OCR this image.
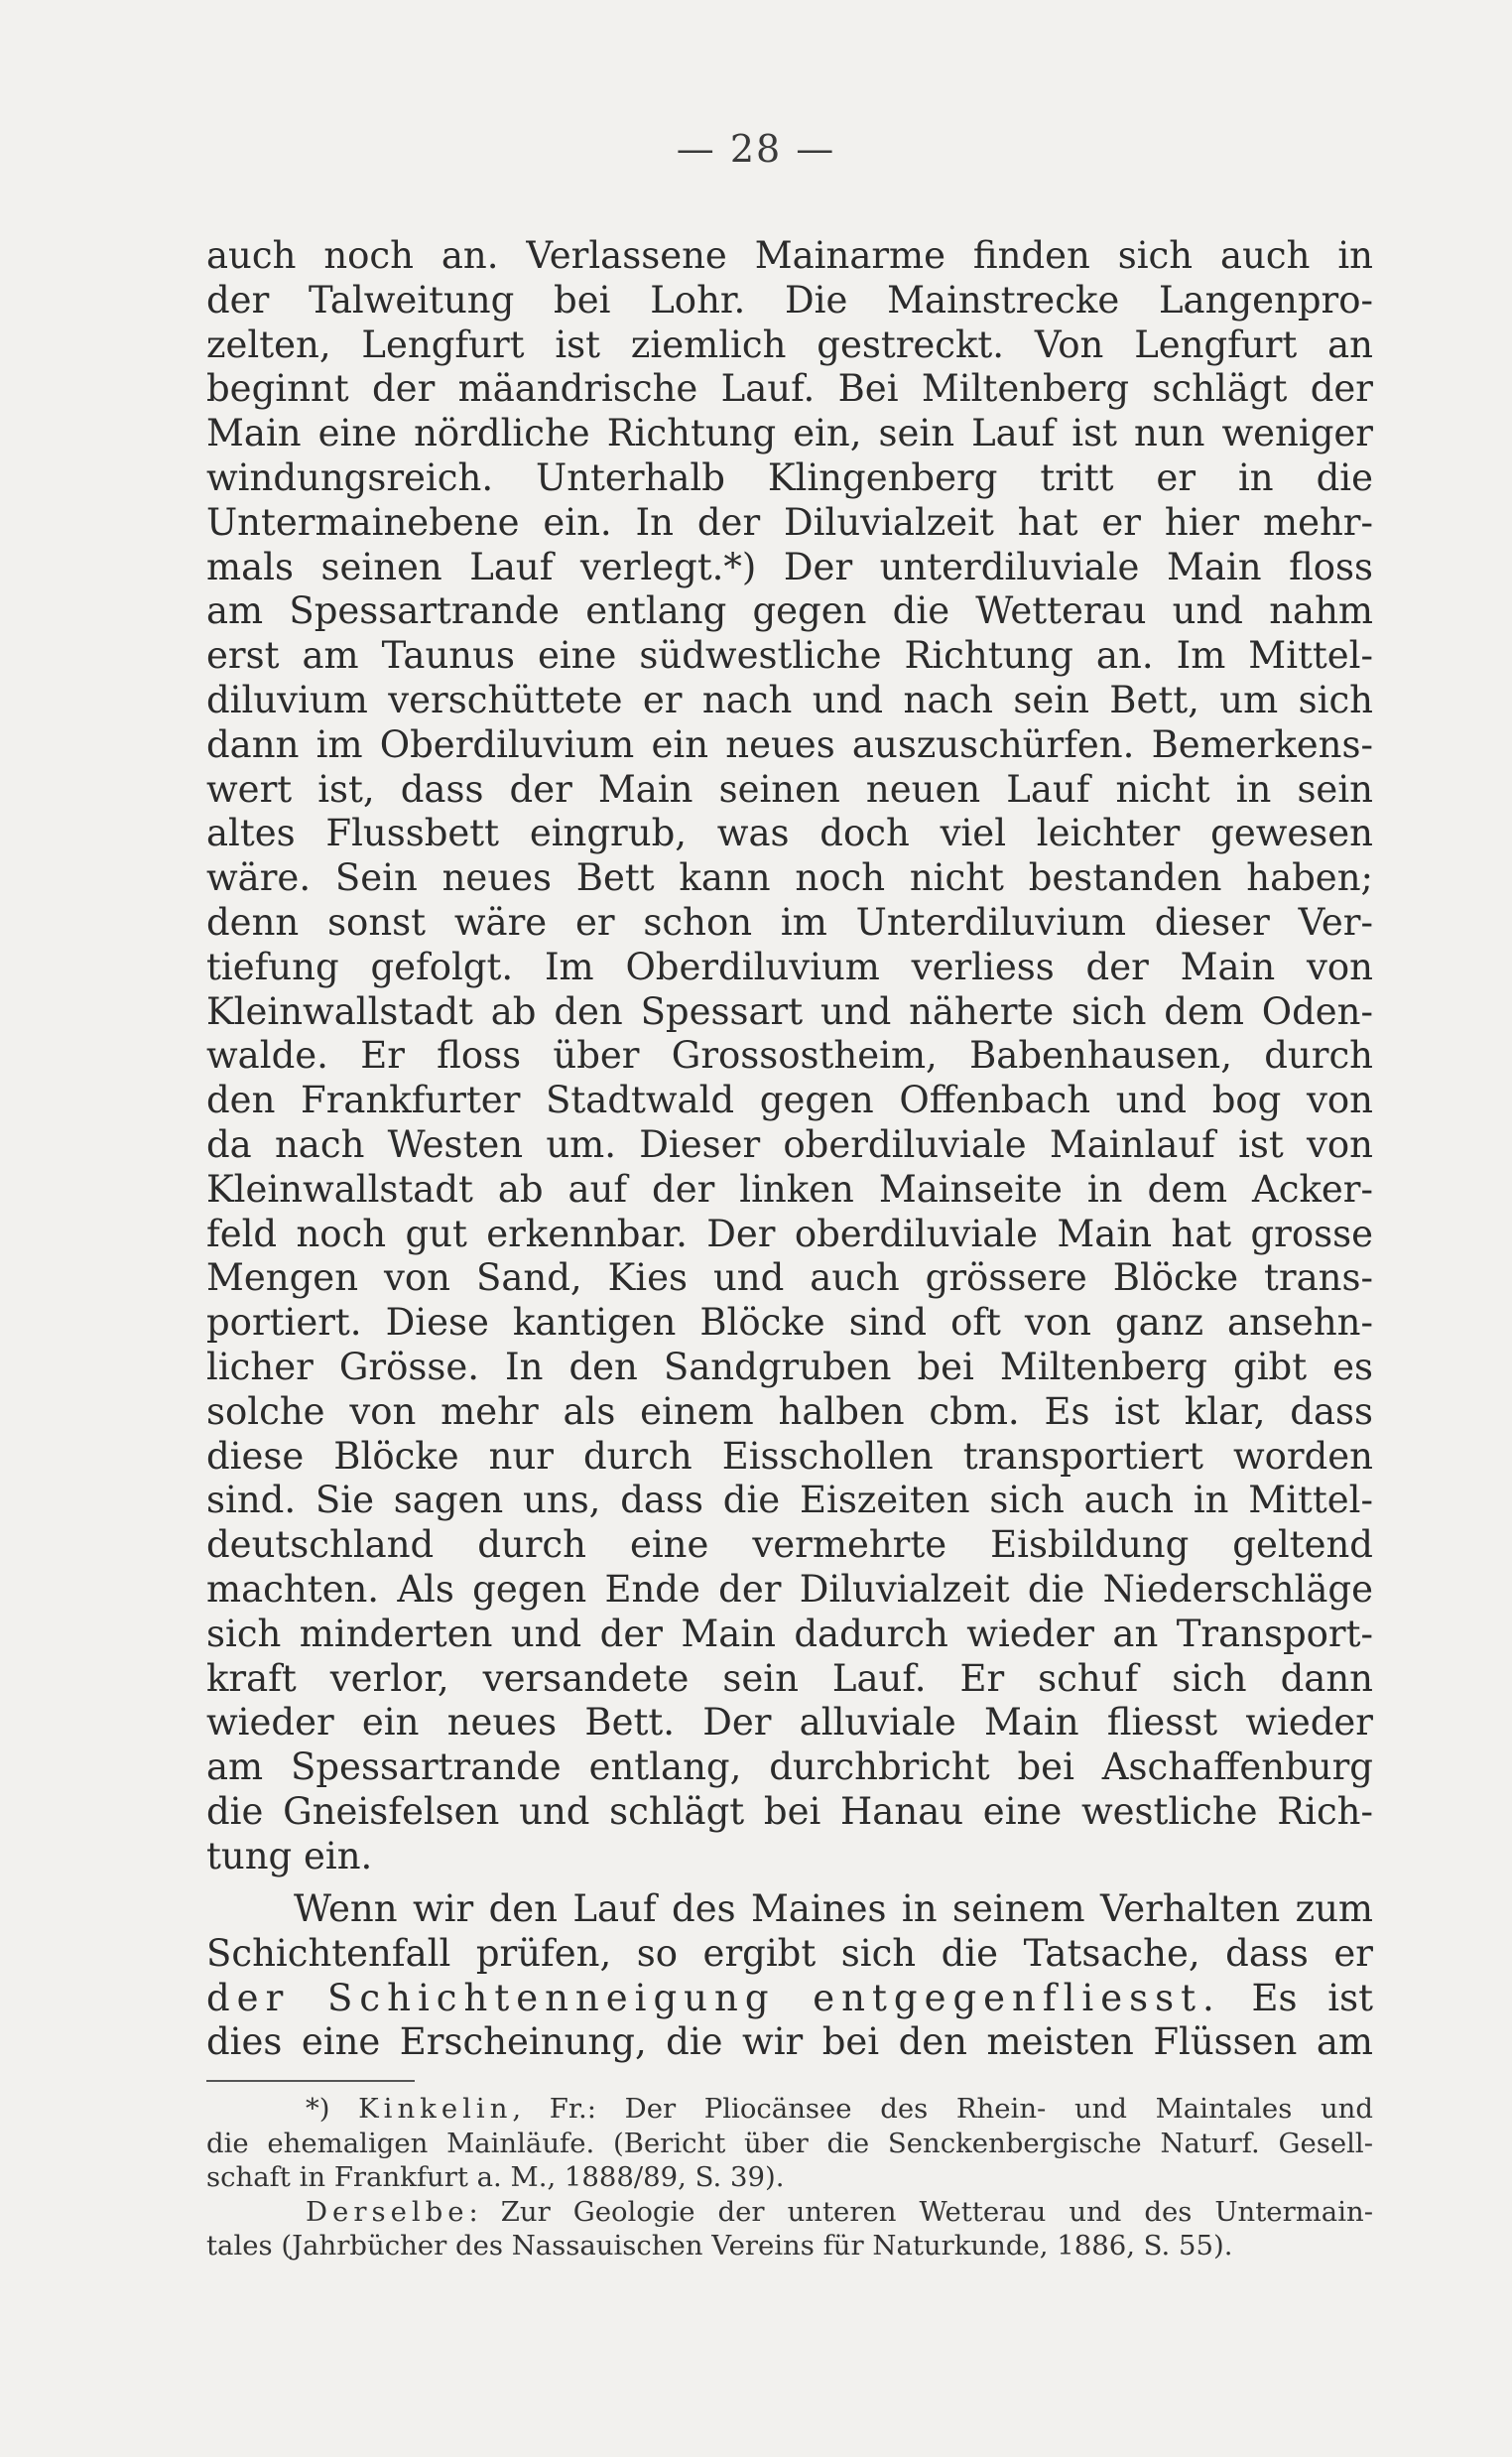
— 28 —
auch noch an. Verlassene Mainarme finden sich auch in
der Talweitung bei Lohr. Die Mainstrecke Langenpro-
zelten, Lengfurt ist ziemlich gestreckt. Von Lengfurt an
beginnt der mäandrische Lauf. Bei Miltenberg schlägt der
Main eine nördliche Richtung ein, sein Lauf ist nun weniger
windungsreich. Unterhalb Klingenberg tritt er in die
Untermainebene ein. In der Diluvialzeit hat er hier mehr-
mals seinen Lauf verlegt.*) Der unterdiluviale Main floss
am Spessartrande entlang gegen die Wetterau und nahm
erst am Taunus eine südwestliche Richtung an. Im Mittel-
diluvium verschüttete er nach und nach sein Bett, um sich
dann im Oberdiluvium ein neues auszuschürfen. Bemerkens-
wert ist, dass der Main seinen neuen Lauf nicht in sein
altes Flussbett eingrub, was doch viel leichter gewesen
wäre. Sein neues Bett kann noch nicht bestanden haben;
denn sonst wäre er schon im Unterdiluvium dieser Ver-
tiefung gefolgt. Im Oberdiluvium verliess der Main von
Kleinwallstadt ab den Spessart und näherte sich dem Oden-
walde. Er floss über Grossostheim, Babenhausen, durch
den Frankfurter Stadtwald gegen Offenbach und bog von
da nach Westen um. Dieser oberdiluviale Mainlauf ist von
Kleinwallstadt ab auf der linken Mainseite in dem Acker-
feld noch gut erkennbar. Der oberdiluviale Main hat grosse
Mengen von Sand, Kies und auch grössere Blöcke trans-
portiert. Diese kantigen Blöcke sind oft von ganz ansehn-
licher Grösse. In den Sandgruben bei Miltenberg gibt es
solche von mehr als einem halben cbm. Es ist klar, dass
diese Blöcke nur durch Eisschollen transportiert worden
sind. Sie sagen uns, dass die Eiszeiten sich auch in Mittel-
deutschland durch eine vermehrte Eisbildung geltend
machten. Als gegen Ende der Diluvialzeit die Niederschläge
sich minderten und der Main dadurch wieder an Transport-
kraft verlor, versandete sein Lauf. Er schuf sich dann
wieder ein neues Bett. Der alluviale Main fliesst wieder
am Spessartrande entlang, durchbricht bei Aschaffenburg
die Gneisfelsen und schlägt bei Hanau eine westliche Rich-
tung ein.
Wenn wir den Lauf des Maines in seinem Verhalten zum
Schichtenfall prüfen, so ergibt sich die Tatsache, dass er
der Schichtenneigung entgegenfliesst. Es ist
dies eine Erscheinung, die wir bei den meisten Flüssen am
*) Kinkelin, Fr.: Der Pliocänsee des Rhein- und Maintales und
die ehemaligen Mainläufe. (Bericht über die Senckenbergische Naturf. Gesell-
schaft in Frankfurt a. M., 1888/89, S. 39).
Derselbe: Zur Geologie der unteren Wetterau und des Untermain-
tales (Jahrbücher des Nassauischen Vereins für Naturkunde, 1886, S. 55).
